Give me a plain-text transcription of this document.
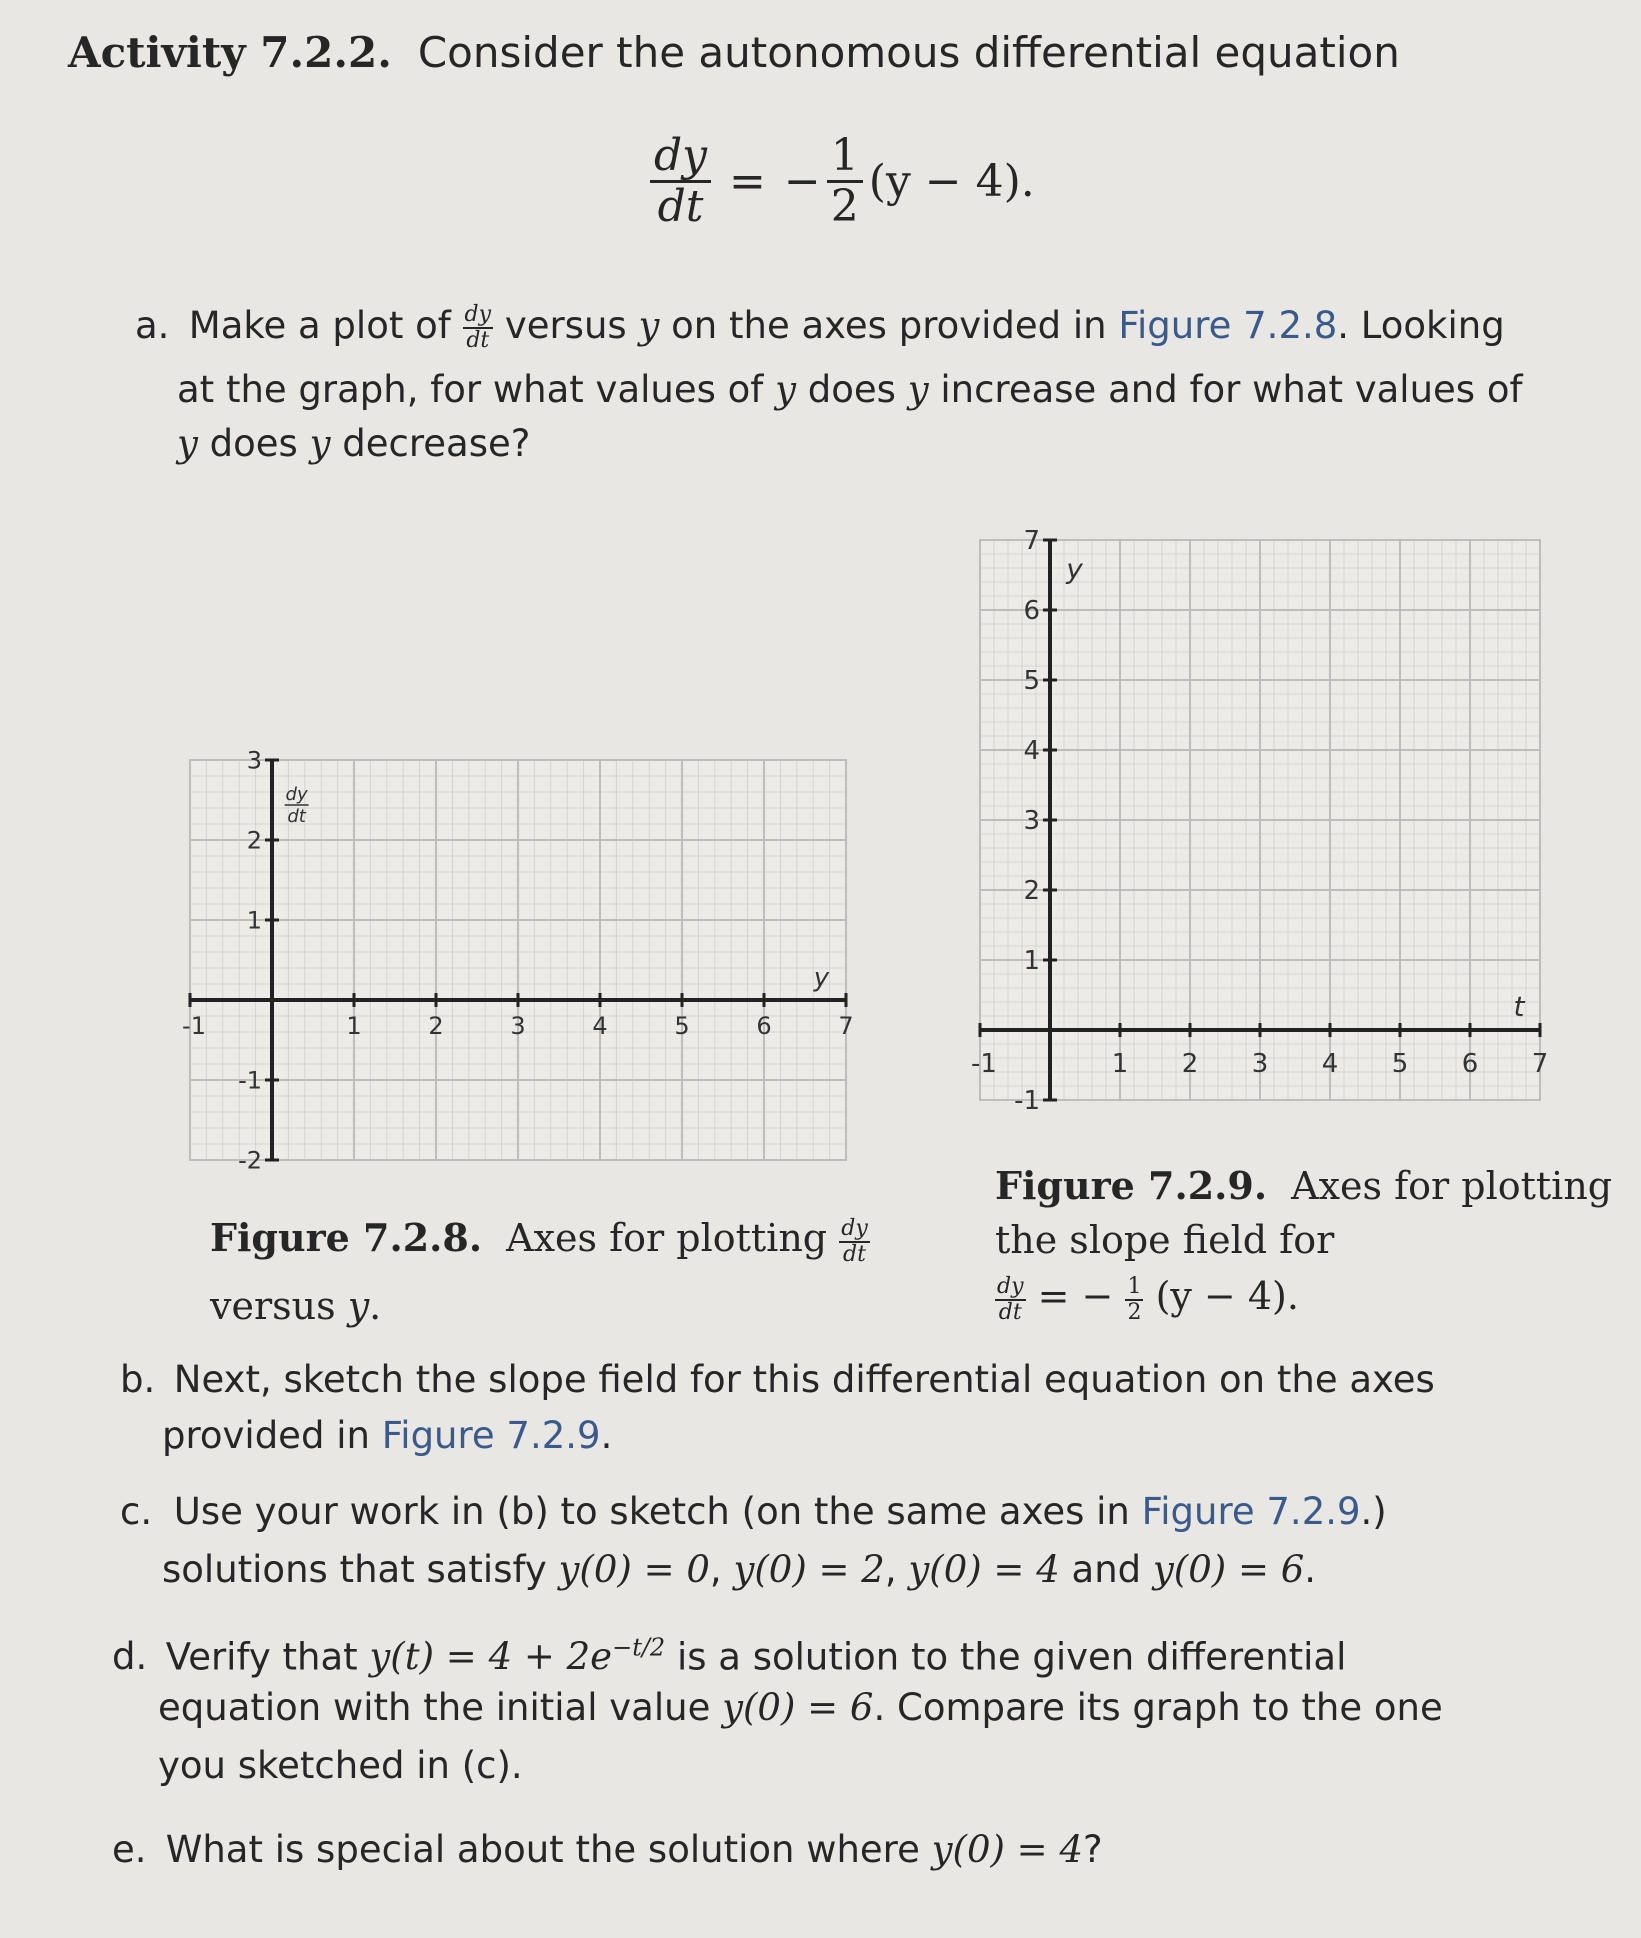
Activity 7.2.2. Consider the autonomous differential equation
$\frac{dy}{dt}$ = − $\frac{1}{2} (y - 4)$.
a. Make a plot of $\frac{dy}{dt}$ versus y on the axes provided in Figure 7.2.8. Looking
at the graph, for what values of y does y increase and for what values of
y does y decrease?
-1	1	2	3	4	5	6	7
3
2
1
-1
-2
y
dy
dt
-1	1 2 3 4 5 6 7
7
6
5
4
3
2
1
-1
t
y
Figure 7.2.8. Axes for plotting $\frac{dy}{dt}$
versus y.
Figure 7.2.9. Axes for plotting
the slope field for
$\frac{dy}{dt}$ = − $\frac{1}{2} (y - 4)$.
b. Next, sketch the slope field for this differential equation on the axes
provided in Figure 7.2.9.
c. Use your work in (b) to sketch (on the same axes in Figure 7.2.9.)
solutions that satisfy y(0) = 0, y(0) = 2, y(0) = 4 and y(0) = 6.
d. Verify that $y(t) = 4 + 2e^{-t/2}$ is a solution to the given differential
equation with the initial value y(0) = 6. Compare its graph to the one
you sketched in (c).
e. What is special about the solution where y(0) = 4?
